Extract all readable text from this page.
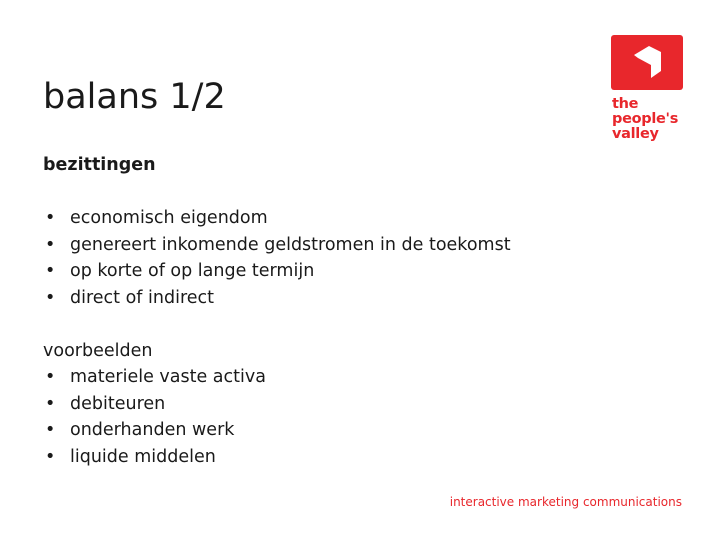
balans 1/2

bezittingen

• economisch eigendom
• genereert inkomende geldstromen in de toekomst
• op korte of op lange termijn
• direct of indirect

voorbeelden

• materiele vaste activa
• debiteuren
• onderhanden werk
• liquide middelen
the
people's
valley
interactive marketing communications
